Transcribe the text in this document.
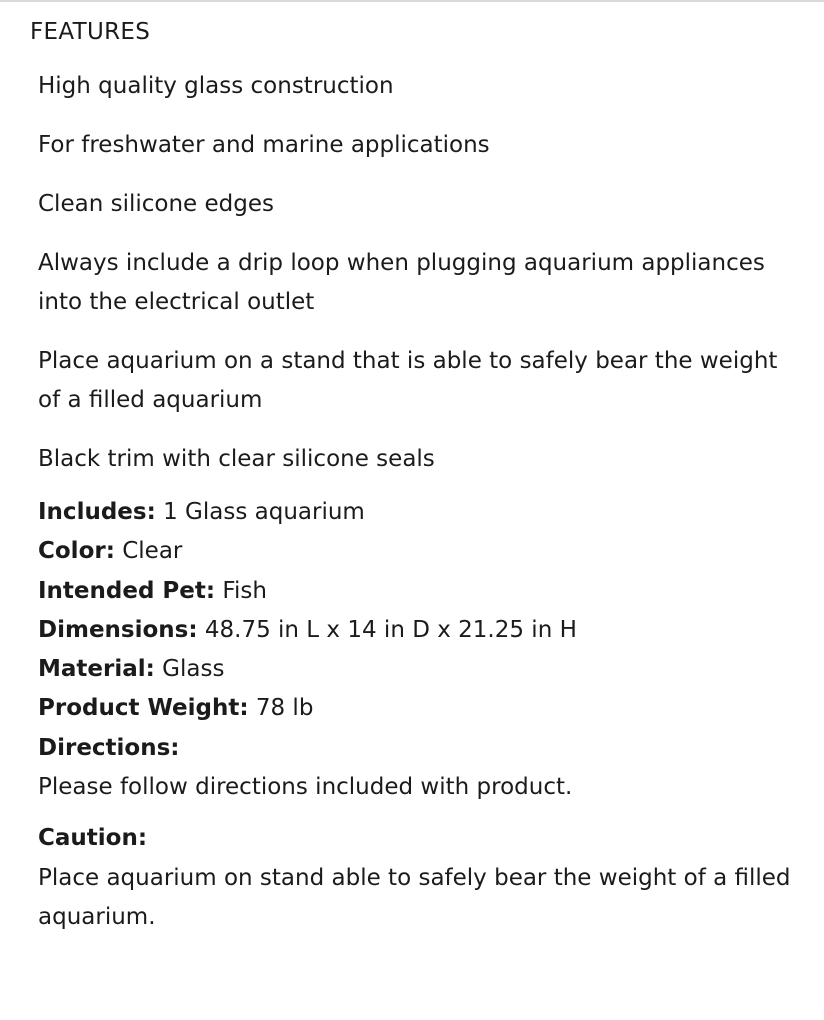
FEATURES
High quality glass construction
For freshwater and marine applications
Clean silicone edges
Always include a drip loop when plugging aquarium appliances into the electrical outlet
Place aquarium on a stand that is able to safely bear the weight of a filled aquarium
Black trim with clear silicone seals

Includes: 1 Glass aquarium

Color: Clear

Intended Pet: Fish

Dimensions: 48.75 in L x 14 in D x 21.25 in H

Material: Glass

Product Weight: 78 lb

Directions:

Please follow directions included with product.

Caution:

Place aquarium on stand able to safely bear the weight of a filled aquarium.
